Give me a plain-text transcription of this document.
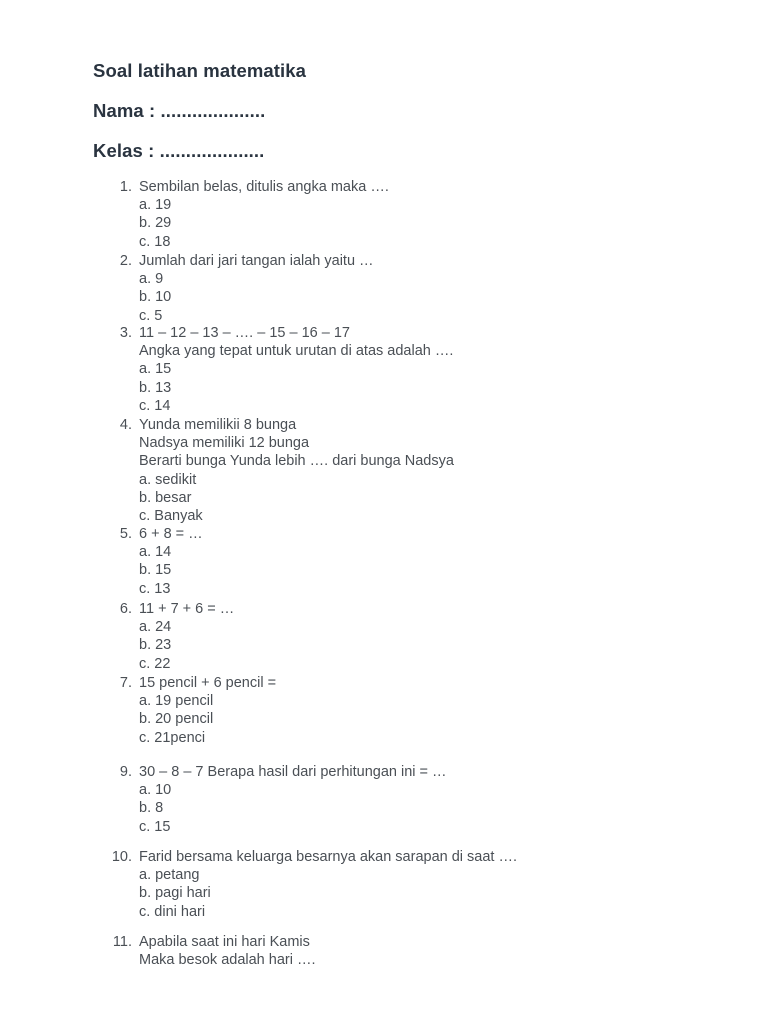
Soal latihan matematika
Nama : ....................
Kelas : ....................
1. Sembilan belas, ditulis angka maka ….
a. 19
b. 29
c. 18
2. Jumlah dari jari tangan ialah yaitu …
a. 9
b. 10
c. 5
3. 11 – 12 – 13 – …. – 15 – 16 – 17
Angka yang tepat untuk urutan di atas adalah ….
a. 15
b. 13
c. 14
4. Yunda memilikii 8 bunga
Nadsya memiliki 12 bunga
Berarti bunga Yunda lebih …. dari bunga Nadsya
a. sedikit
b. besar
c. Banyak
5. 6 + 8 = …
a. 14
b. 15
c. 13
6. 11 + 7 + 6 = …
a. 24
b. 23
c. 22
7. 15 pencil + 6 pencil =
a. 19 pencil
b. 20 pencil
c. 21penci
9. 30 – 8 – 7 Berapa hasil dari perhitungan ini = …
a. 10
b. 8
c. 15
10. Farid bersama keluarga besarnya akan sarapan di saat ….
a. petang
b. pagi hari
c. dini hari
11. Apabila saat ini hari Kamis
Maka besok adalah hari ….
